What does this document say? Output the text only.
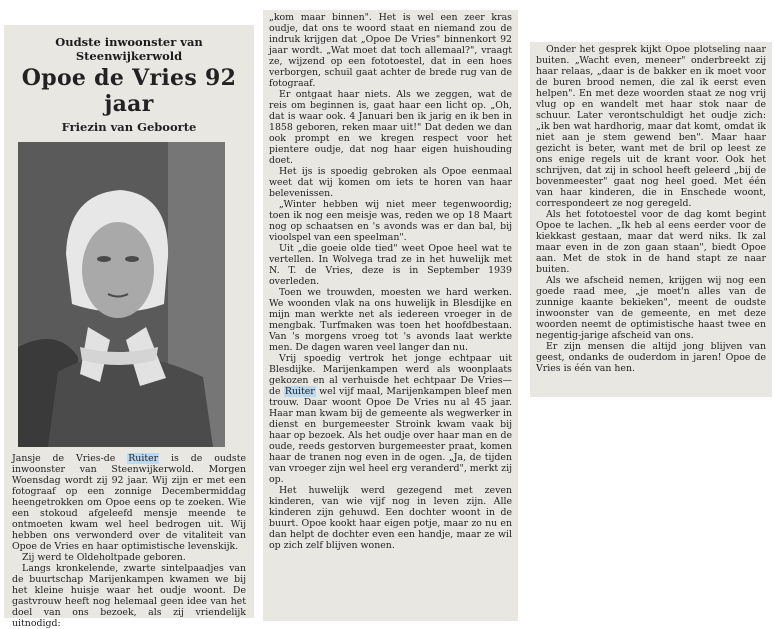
Oudste inwoonster van Steenwijkerwold
Opoe de Vries 92 jaar
Friezin van Geboorte

Jansje de Vries-de Ruiter is de oudste inwoonster van Steenwijkerwold. Morgen Woensdag wordt zij 92 jaar. Wij zijn er met een fotograaf op een zonnige Decembermiddag heengetrokken om Opoe eens op te zoeken. Wie een stokoud afgeleefd mensje meende te ontmoeten kwam wel heel bedrogen uit. Wij hebben ons verwonderd over de vitaliteit van Opoe de Vries en haar optimistische levenskijk.

Zij werd te Oldeholtpade geboren.

Langs kronkelende, zwarte sintelpaadjes van de buurtschap Marijenkampen kwamen we bij het kleine huisje waar het oudje woont. De gastvrouw heeft nog helemaal geen idee van het doel van ons bezoek, als zij vriendelijk uitnodigd:

„kom maar binnen". Het is wel een zeer kras oudje, dat ons te woord staat en niemand zou de indruk krijgen dat „Opoe De Vries" binnenkort 92 jaar wordt. „Wat moet dat toch allemaal?", vraagt ze, wijzend op een fototoestel, dat in een hoes verborgen, schuil gaat achter de brede rug van de fotograaf.

Er ontgaat haar niets. Als we zeggen, wat de reis om beginnen is, gaat haar een licht op. „Oh, dat is waar ook. 4 Januari ben ik jarig en ik ben in 1858 geboren, reken maar uit!" Dat deden we dan ook prompt en we kregen respect voor het pientere oudje, dat nog haar eigen huishouding doet.

Het ijs is spoedig gebroken als Opoe eenmaal weet dat wij komen om iets te horen van haar belevenissen.

„Winter hebben wij niet meer tegenwoordig; toen ik nog een meisje was, reden we op 18 Maart nog op schaatsen en 's avonds was er dan bal, bij vioolspel van een speelman".

Uit „die goeie olde tied" weet Opoe heel wat te vertellen. In Wolvega trad ze in het huwelijk met N. T. de Vries, deze is in September 1939 overleden.

Toen we trouwden, moesten we hard werken. We woonden vlak na ons huwelijk in Blesdijke en mijn man werkte net als iedereen vroeger in de mengbak. Turfmaken was toen het hoofdbestaan. Van 's morgens vroeg tot 's avonds laat werkte men. De dagen waren veel langer dan nu.

Vrij spoedig vertrok het jonge echtpaar uit Blesdijke. Marijenkampen werd als woonplaats gekozen en al verhuisde het echtpaar De Vries—de Ruiter wel vijf maal, Marijenkampen bleef men trouw. Daar woont Opoe De Vries nu al 45 jaar. Haar man kwam bij de gemeente als wegwerker in dienst en burgemeester Stroink kwam vaak bij haar op bezoek. Als het oudje over haar man en de oude, reeds gestorven burgemeester praat, komen haar de tranen nog even in de ogen. „Ja, de tijden van vroeger zijn wel heel erg veranderd", merkt zij op.

Het huwelijk werd gezegend met zeven kinderen, van wie vijf nog in leven zijn. Alle kinderen zijn gehuwd. Een dochter woont in de buurt. Opoe kookt haar eigen potje, maar zo nu en dan helpt de dochter even een handje, maar ze wil op zich zelf blijven wonen.

Onder het gesprek kijkt Opoe plotseling naar buiten. „Wacht even, meneer" onderbreekt zij haar relaas, „daar is de bakker en ik moet voor de buren brood nemen, die zal ik eerst even helpen". En met deze woorden staat ze nog vrij vlug op en wandelt met haar stok naar de schuur. Later verontschuldigt het oudje zich: „ik ben wat hardhorig, maar dat komt, omdat ik niet aan je stem gewend ben". Maar haar gezicht is beter, want met de bril op leest ze ons enige regels uit de krant voor. Ook het schrijven, dat zij in school heeft geleerd „bij de bovenmeester" gaat nog heel goed. Met één van haar kinderen, die in Enschede woont, correspondeert ze nog geregeld.

Als het fototoestel voor de dag komt begint Opoe te lachen. „Ik heb al eens eerder voor de kiekkast gestaan, maar dat werd niks. Ik zal maar even in de zon gaan staan", biedt Opoe aan. Met de stok in de hand stapt ze naar buiten.

Als we afscheid nemen, krijgen wij nog een goede raad mee, „je moet'n alles van de zunnige kaante bekieken", meent de oudste inwoonster van de gemeente, en met deze woorden neemt de optimistische haast twee en negentig-jarige afscheid van ons.

Er zijn mensen die altijd jong blijven van geest, ondanks de ouderdom in jaren! Opoe de Vries is één van hen.
